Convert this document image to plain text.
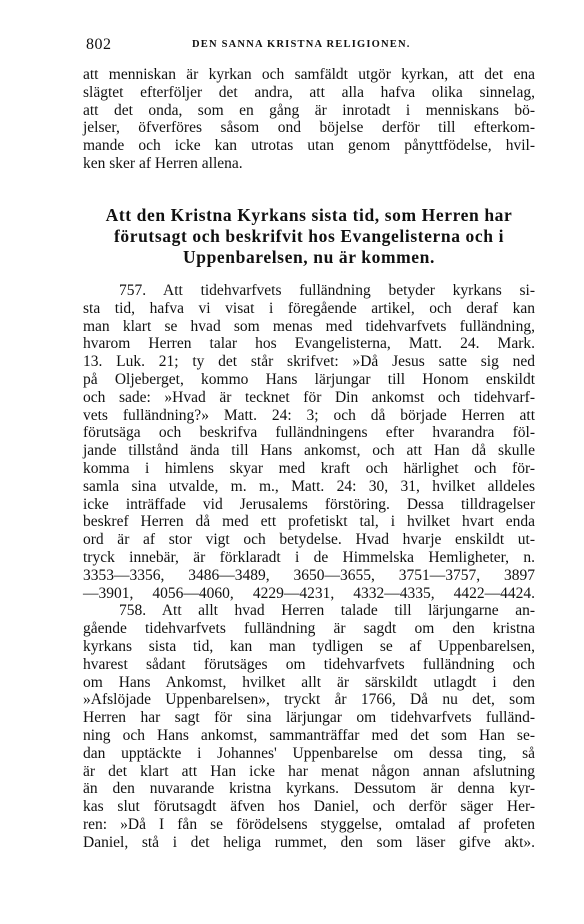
802	DEN SANNA KRISTNA RELIGIONEN.
att menniskan är kyrkan och samfäldt utgör kyrkan, att det ena
slägtet efterföljer det andra, att alla hafva olika sinnelag,
att det onda, som en gång är inrotadt i menniskans bö-
jelser, öfverföres såsom ond böjelse derför till efterkom-
mande och icke kan utrotas utan genom pånyttfödelse, hvil-
ken sker af Herren allena.
Att den Kristna Kyrkans sista tid, som Herren har
förutsagt och beskrifvit hos Evangelisterna och i
Uppenbarelsen, nu är kommen.
757. Att tidehvarfvets fulländning betyder kyrkans si-
sta tid, hafva vi visat i föregående artikel, och deraf kan
man klart se hvad som menas med tidehvarfvets fulländning,
hvarom Herren talar hos Evangelisterna, Matt. 24. Mark.
13. Luk. 21; ty det står skrifvet: »Då Jesus satte sig ned
på Oljeberget, kommo Hans lärjungar till Honom enskildt
och sade: »Hvad är tecknet för Din ankomst och tidehvarf-
vets fulländning?» Matt. 24: 3; och då började Herren att
förutsäga och beskrifva fulländningens efter hvarandra föl-
jande tillstånd ända till Hans ankomst, och att Han då skulle
komma i himlens skyar med kraft och härlighet och för-
samla sina utvalde, m. m., Matt. 24: 30, 31, hvilket alldeles
icke inträffade vid Jerusalems förstöring. Dessa tilldragelser
beskref Herren då med ett profetiskt tal, i hvilket hvart enda
ord är af stor vigt och betydelse. Hvad hvarje enskildt ut-
tryck innebär, är förklaradt i de Himmelska Hemligheter, n.
3353—3356, 3486—3489, 3650—3655, 3751—3757, 3897
—3901, 4056—4060, 4229—4231, 4332—4335, 4422—4424.
758. Att allt hvad Herren talade till lärjungarne an-
gående tidehvarfvets fulländning är sagdt om den kristna
kyrkans sista tid, kan man tydligen se af Uppenbarelsen,
hvarest sådant förutsäges om tidehvarfvets fulländning och
om Hans Ankomst, hvilket allt är särskildt utlagdt i den
»Afslöjade Uppenbarelsen», tryckt år 1766, Då nu det, som
Herren har sagt för sina lärjungar om tidehvarfvets fulländ-
ning och Hans ankomst, sammanträffar med det som Han se-
dan upptäckte i Johannes' Uppenbarelse om dessa ting, så
är det klart att Han icke har menat någon annan afslutning
än den nuvarande kristna kyrkans. Dessutom är denna kyr-
kas slut förutsagdt äfven hos Daniel, och derför säger Her-
ren: »Då I fån se förödelsens styggelse, omtalad af profeten
Daniel, stå i det heliga rummet, den som läser gifve akt».
